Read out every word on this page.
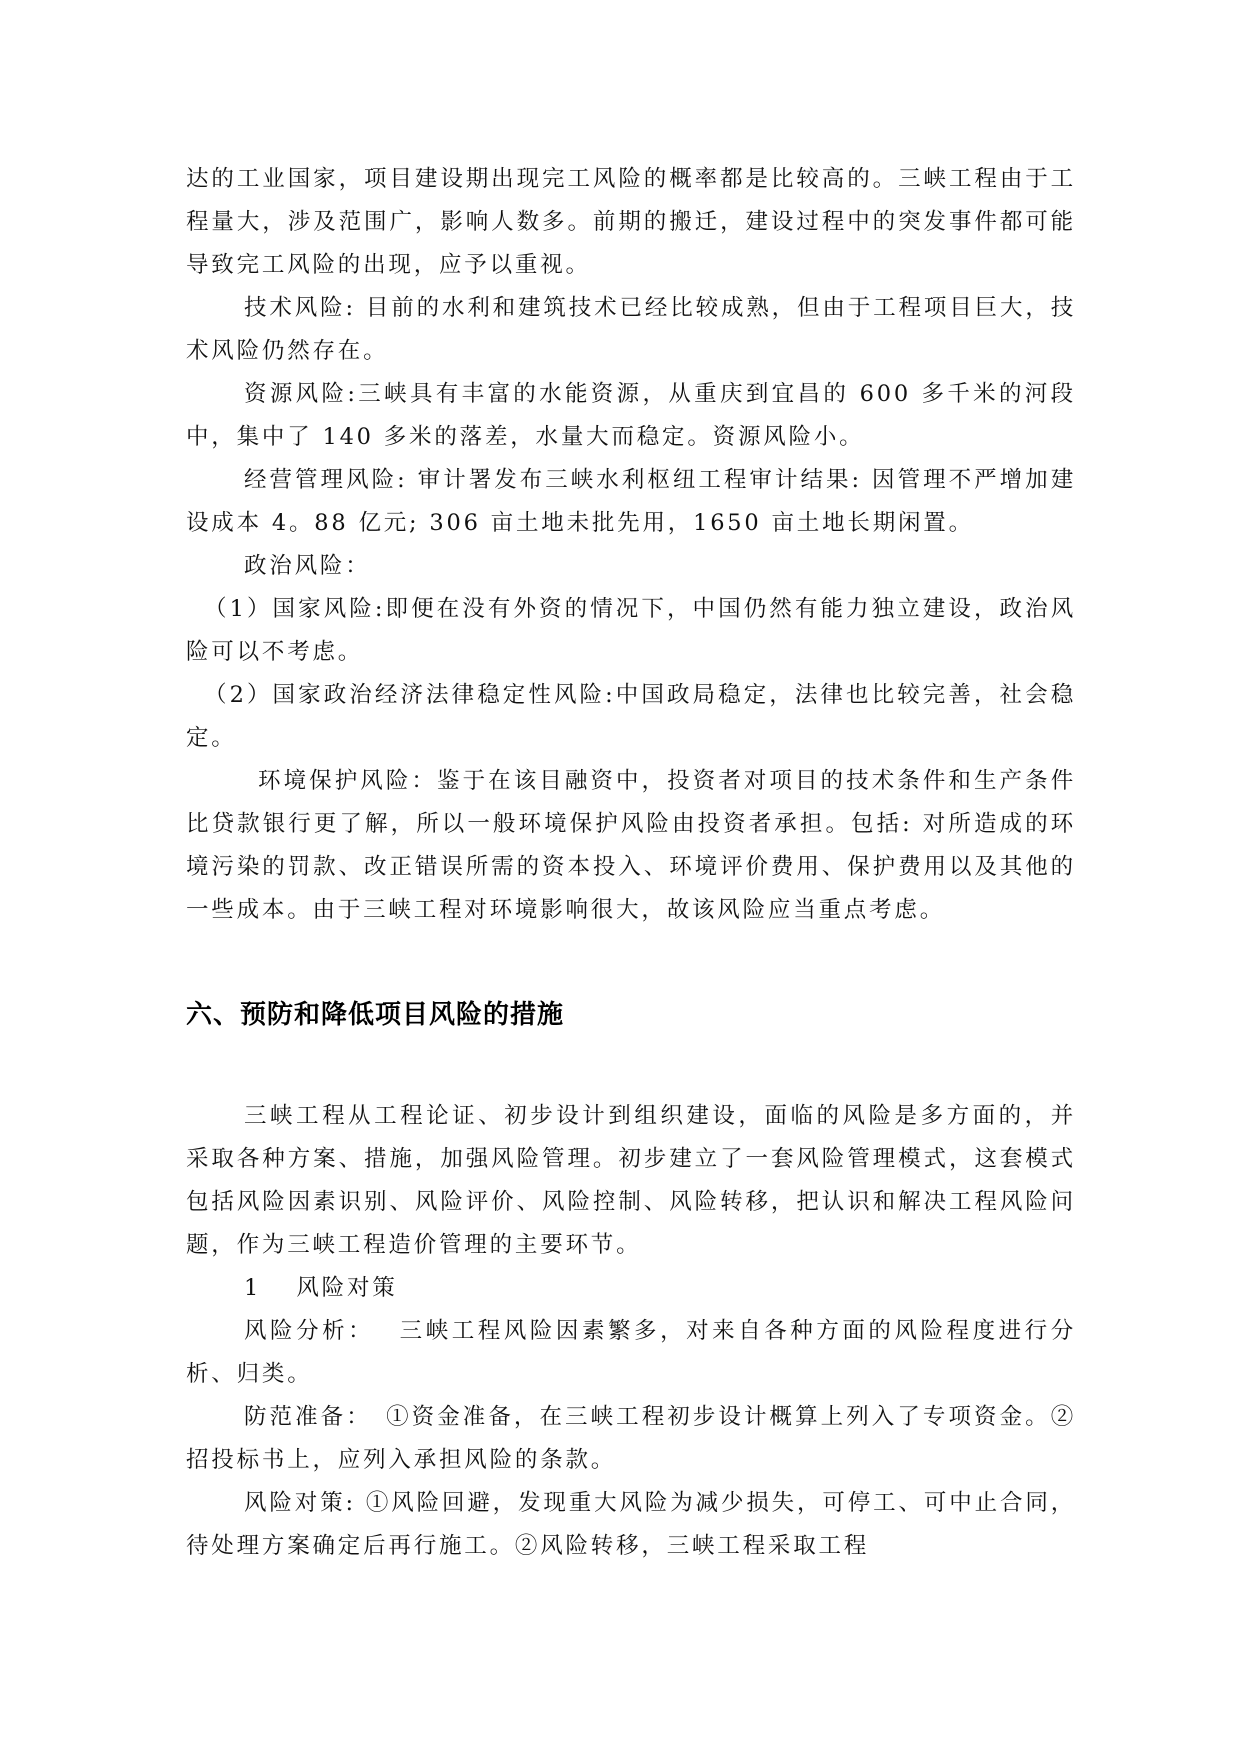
达的工业国家，项目建设期出现完工风险的概率都是比较高的。三峡工程由于工程量大，涉及范围广，影响人数多。前期的搬迁，建设过程中的突发事件都可能导致完工风险的出现，应予以重视。

技术风险: 目前的水利和建筑技术已经比较成熟，但由于工程项目巨大，技术风险仍然存在。

资源风险:三峡具有丰富的水能资源，从重庆到宜昌的 600 多千米的河段中，集中了 140 多米的落差，水量大而稳定。资源风险小。

经营管理风险: 审计署发布三峡水利枢纽工程审计结果: 因管理不严增加建设成本 4。88 亿元; 306 亩土地未批先用，1650 亩土地长期闲置。

政治风险：

（1）国家风险:即便在没有外资的情况下，中国仍然有能力独立建设，政治风险可以不考虑。

（2）国家政治经济法律稳定性风险:中国政局稳定，法律也比较完善，社会稳定。

环境保护风险：鉴于在该目融资中，投资者对项目的技术条件和生产条件比贷款银行更了解，所以一般环境保护风险由投资者承担。包括: 对所造成的环境污染的罚款、改正错误所需的资本投入、环境评价费用、保护费用以及其他的一些成本。由于三峡工程对环境影响很大，故该风险应当重点考虑。

六、预防和降低项目风险的措施

三峡工程从工程论证、初步设计到组织建设，面临的风险是多方面的，并采取各种方案、措施，加强风险管理。初步建立了一套风险管理模式，这套模式包括风险因素识别、风险评价、风险控制、风险转移，把认识和解决工程风险问题，作为三峡工程造价管理的主要环节。

1　 风险对策

风险分析：　 三峡工程风险因素繁多，对来自各种方面的风险程度进行分析、归类。

防范准备：　①资金准备，在三峡工程初步设计概算上列入了专项资金。②招投标书上，应列入承担风险的条款。

风险对策: ①风险回避，发现重大风险为减少损失，可停工、可中止合同，待处理方案确定后再行施工。②风险转移，三峡工程采取工程
